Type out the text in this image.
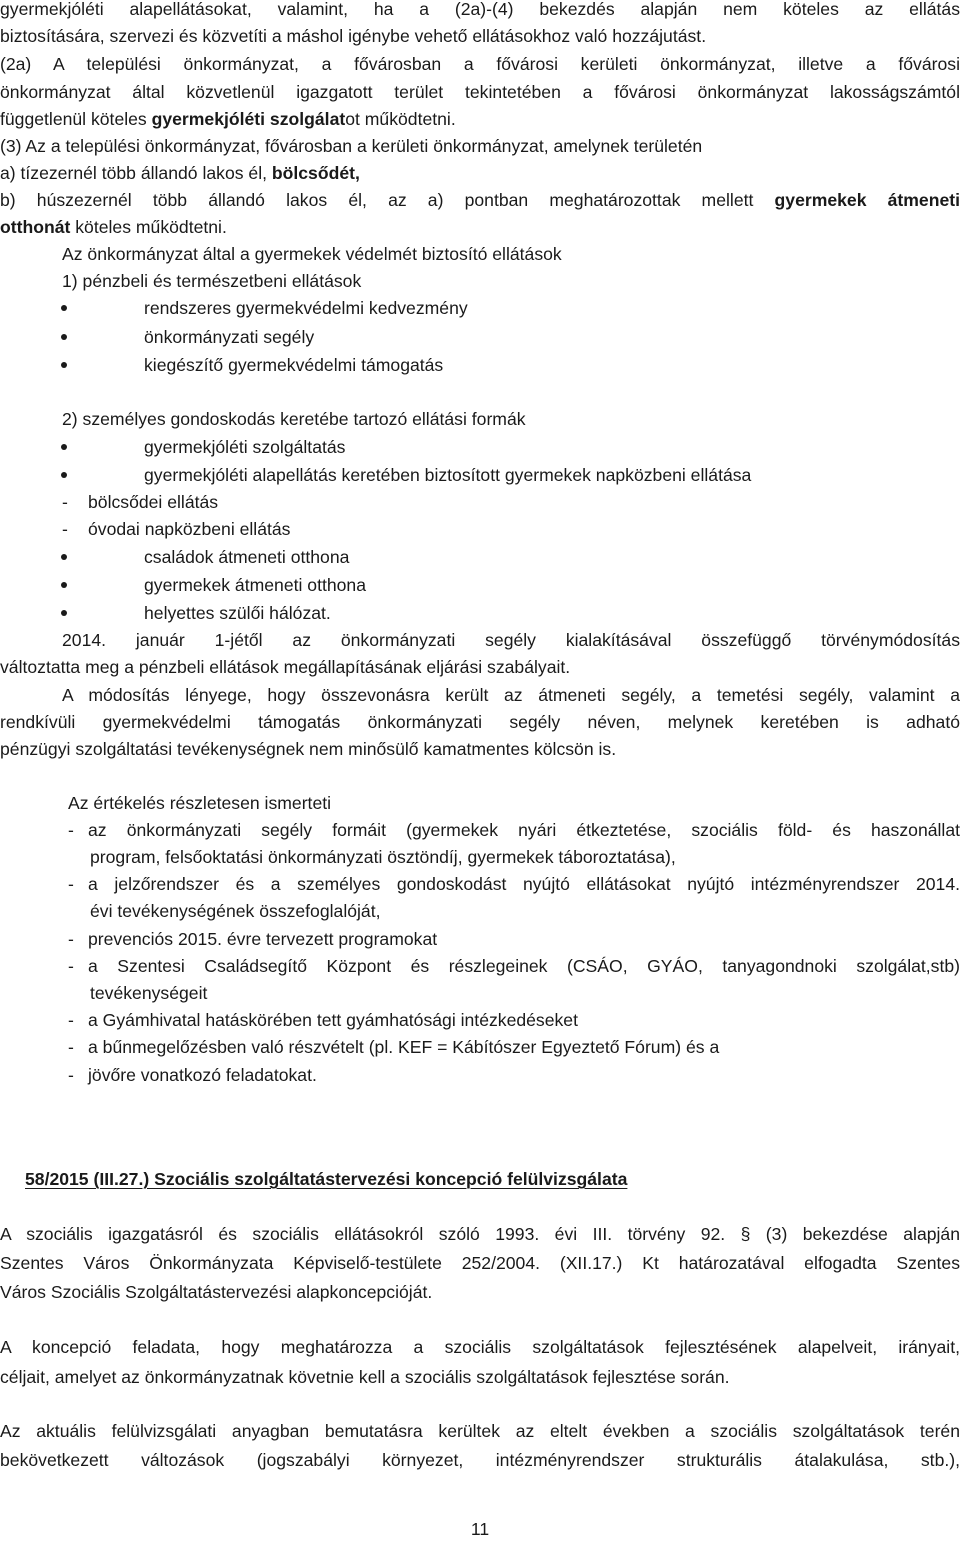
gyermekjóléti alapellátásokat, valamint, ha a (2a)-(4) bekezdés alapján nem köteles az ellátás
biztosítására, szervezi és közvetíti a máshol igénybe vehető ellátásokhoz való hozzájutást.
(2a) A települési önkormányzat, a fővárosban a fővárosi kerületi önkormányzat, illetve a fővárosi
önkormányzat által közvetlenül igazgatott terület tekintetében a fővárosi önkormányzat lakosságszámtól
függetlenül köteles gyermekjóléti szolgálatot működtetni.
(3) Az a települési önkormányzat, fővárosban a kerületi önkormányzat, amelynek területén
a) tízezernél több állandó lakos él, bölcsődét,
b) húszezernél több állandó lakos él, az a) pontban meghatározottak mellett gyermekek átmeneti
otthonát köteles működtetni.
Az önkormányzat által a gyermekek védelmét biztosító ellátások
1) pénzbeli és természetbeni ellátások
rendszeres gyermekvédelmi kedvezmény
önkormányzati segély
kiegészítő gyermekvédelmi támogatás
2) személyes gondoskodás keretébe tartozó ellátási formák
gyermekjóléti szolgáltatás
gyermekjóléti alapellátás keretében biztosított gyermekek napközbeni ellátása
- bölcsődei ellátás
- óvodai napközbeni ellátás
családok átmeneti otthona
gyermekek átmeneti otthona
helyettes szülői hálózat.
2014. január 1-jétől az önkormányzati segély kialakításával összefüggő törvénymódosítás
változtatta meg a pénzbeli ellátások megállapításának eljárási szabályait.
A módosítás lényege, hogy összevonásra került az átmeneti segély, a temetési segély, valamint a
rendkívüli gyermekvédelmi támogatás önkormányzati segély néven, melynek keretében is adható
pénzügyi szolgáltatási tevékenységnek nem minősülő kamatmentes kölcsön is.
Az értékelés részletesen ismerteti
- az önkormányzati segély formáit (gyermekek nyári étkeztetése, szociális föld- és haszonállat
program, felsőoktatási önkormányzati ösztöndíj, gyermekek táboroztatása),
- a jelzőrendszer és a személyes gondoskodást nyújtó ellátásokat nyújtó intézményrendszer 2014.
évi tevékenységének összefoglalóját,
- prevenciós 2015. évre tervezett programokat
- a Szentesi Családsegítő Központ és részlegeinek (CSÁO, GYÁO, tanyagondnoki szolgálat,stb)
tevékenységeit
- a Gyámhivatal hatáskörében tett gyámhatósági intézkedéseket
- a bűnmegelőzésben való részvételt (pl. KEF = Kábítószer Egyeztető Fórum) és a
- jövőre vonatkozó feladatokat.
58/2015 (III.27.) Szociális szolgáltatástervezési koncepció felülvizsgálata
A szociális igazgatásról és szociális ellátásokról szóló 1993. évi III. törvény 92. § (3) bekezdése alapján
Szentes Város Önkormányzata Képviselő-testülete 252/2004. (XII.17.) Kt határozatával elfogadta Szentes
Város Szociális Szolgáltatástervezési alapkoncepcióját.
A koncepció feladata, hogy meghatározza a szociális szolgáltatások fejlesztésének alapelveit, irányait,
céljait, amelyet az önkormányzatnak követnie kell a szociális szolgáltatások fejlesztése során.
Az aktuális felülvizsgálati anyagban bemutatásra kerültek az eltelt években a szociális szolgáltatások terén
bekövetkezett változások (jogszabályi környezet, intézményrendszer strukturális átalakulása, stb.),
11
